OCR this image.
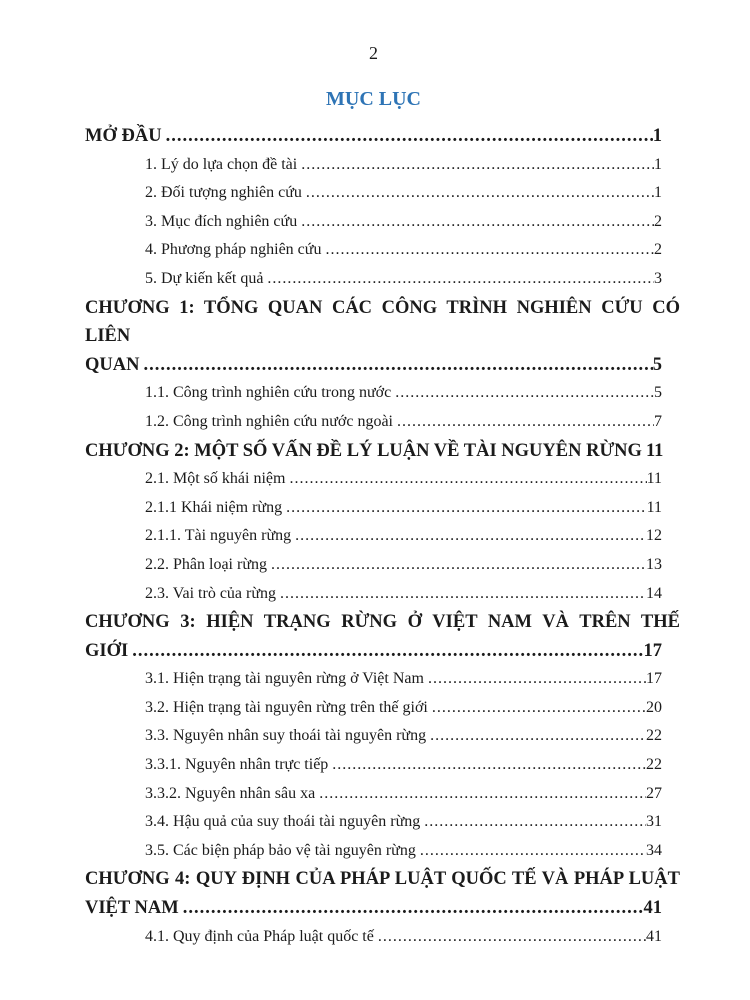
2
MỤC LỤC
MỞ ĐẦU .....	1
1. Lý do lựa chọn đề tài .....	1
2. Đối tượng nghiên cứu .....	1
3. Mục đích nghiên cứu .....	2
4. Phương pháp nghiên cứu .....	2
5. Dự kiến kết quả .....	3
CHƯƠNG 1: TỔNG QUAN CÁC CÔNG TRÌNH NGHIÊN CỨU CÓ LIÊN
QUAN .....	5
1.1. Công trình nghiên cứu trong nước .....	5
1.2. Công trình nghiên cứu nước ngoài .....	7
CHƯƠNG 2: MỘT SỐ VẤN ĐỀ LÝ LUẬN VỀ TÀI NGUYÊN RỪNG ..... 11
2.1. Một số khái niệm .....	11
2.1.1 Khái niệm rừng .....	11
2.1.1. Tài nguyên rừng .....	12
2.2. Phân loại rừng .....	13
2.3. Vai trò của rừng .....	14
CHƯƠNG 3: HIỆN TRẠNG RỪNG Ở VIỆT NAM VÀ TRÊN THẾ
GIỚI .....	17
3.1. Hiện trạng tài nguyên rừng ở Việt Nam .....	17
3.2. Hiện trạng tài nguyên rừng trên thế giới .....	20
3.3. Nguyên nhân suy thoái tài nguyên rừng .....	22
3.3.1. Nguyên nhân trực tiếp .....	22
3.3.2. Nguyên nhân sâu xa .....	27
3.4. Hậu quả của suy thoái tài nguyên rừng .....	31
3.5. Các biện pháp bảo vệ tài nguyên rừng .....	34
CHƯƠNG 4: QUY ĐỊNH CỦA PHÁP LUẬT QUỐC TẾ VÀ PHÁP LUẬT
VIỆT NAM .....	41
4.1. Quy định của Pháp luật quốc tế .....	41
